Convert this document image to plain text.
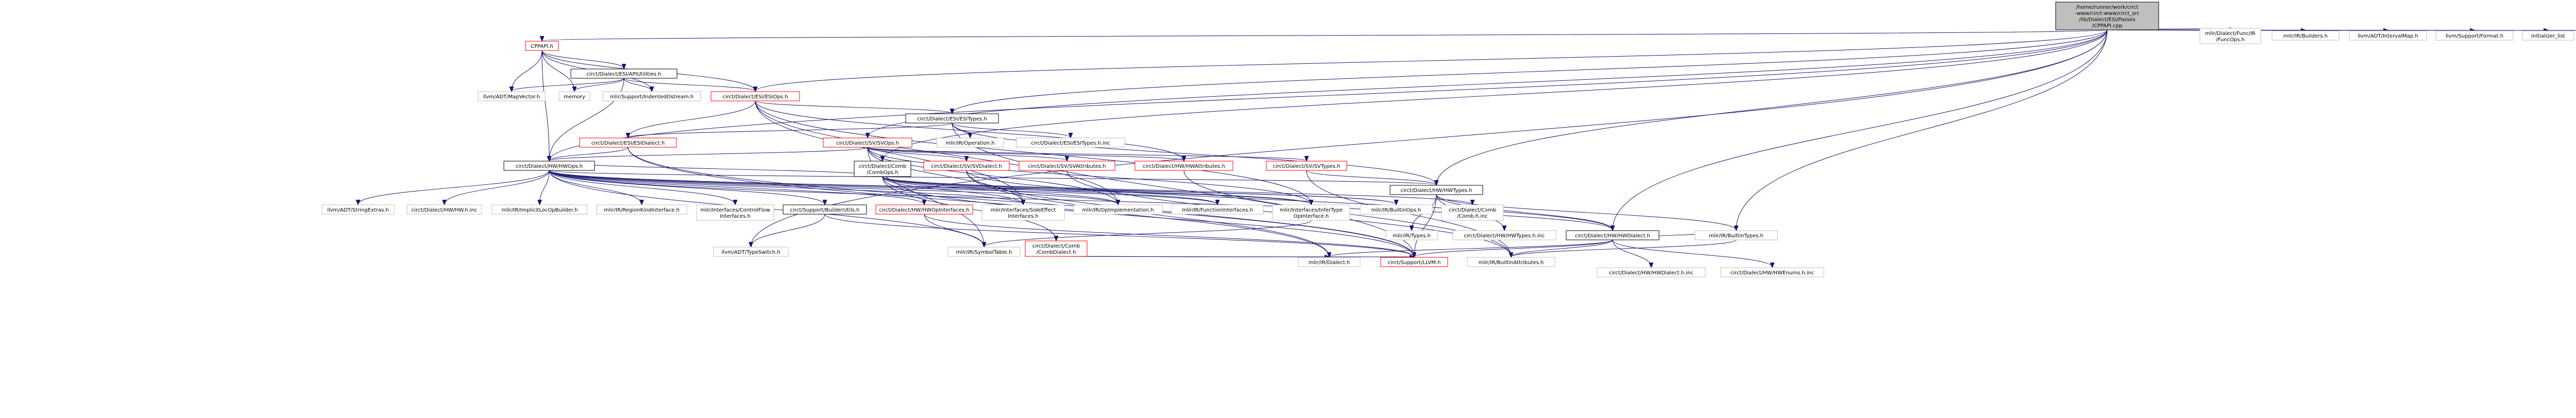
/home/runner/work/circt
-www/circt-www/circt_src
/lib/Dialect/ESI/Passes
/CPPAPI.cpp
CPPAPI.h
circt/Dialect/ESI/APIUtilities.h
llvm/ADT/MapVector.h	memory	mlir/Support/IndentedOstream.h	circt/Dialect/ESI/ESIOps.h
circt/Dialect/ESI/ESITypes.h
mlir/IR/Operation.h	circt/Dialect/ESI/ESITypes.h.inc
circt/Dialect/ESI/ESIDialect.h	circt/Dialect/SV/SVOps.h
circt/Dialect/Comb
/CombOps.h
circt/Dialect/SV/SVDialect.h	circt/Dialect/SV/SVAttributes.h	circt/Dialect/HW/HWAttributes.h	circt/Dialect/SV/SVTypes.h
circt/Dialect/HW/HWOps.h
llvm/ADT/StringExtras.h	circt/Dialect/HW/HW.h.inc	mlir/IR/ImplicitLocOpBuilder.h	mlir/IR/RegionKindInterface.h	mlir/Interfaces/ControlFlow
Interfaces.h
circt/Support/BuilderUtils.h	circt/Dialect/HW/HWOpInterfaces.h	mlir/Interfaces/SideEffect
Interfaces.h
mlir/IR/OpImplementation.h	mlir/IR/FunctionInterfaces.h	mlir/Interfaces/InferType
OpInterface.h
mlir/IR/BuiltinOps.h	circt/Dialect/Comb
/Comb.h.inc
circt/Dialect/HW/HWTypes.h
llvm/ADT/TypeSwitch.h	mlir/IR/SymbolTable.h
circt/Dialect/Comb
/CombDialect.h
mlir/IR/Types.h	circt/Dialect/HW/HWTypes.h.inc	circt/Dialect/HW/HWDialect.h	mlir/IR/BuiltinTypes.h
mlir/IR/Dialect.h	circt/Support/LLVM.h	mlir/IR/BuiltinAttributes.h
circt/Dialect/HW/HWDialect.h.inc	circt/Dialect/HW/HWEnums.h.inc
mlir/Dialect/Func/IR
/FuncOps.h
mlir/IR/Builders.h	llvm/ADT/IntervalMap.h	llvm/Support/Format.h	initializer_list
